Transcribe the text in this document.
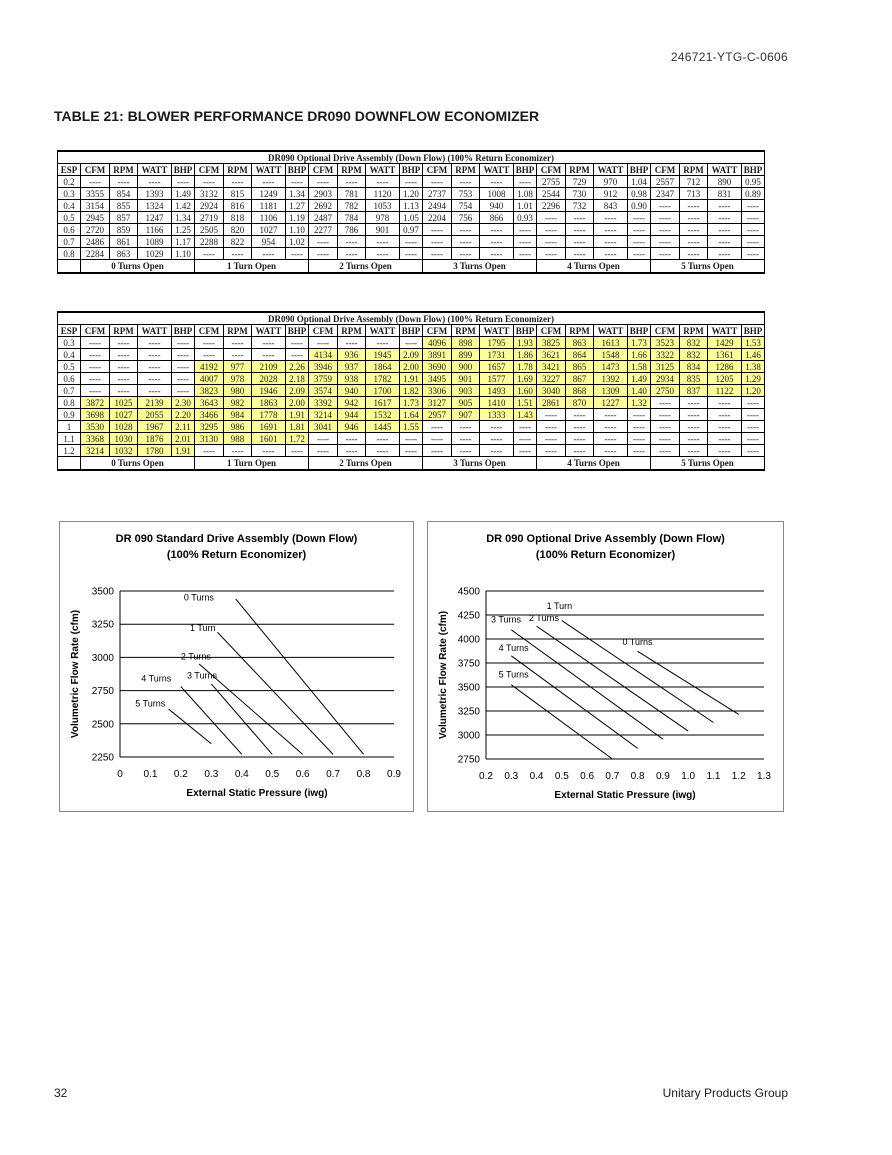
246721-YTG-C-0606
TABLE 21: BLOWER PERFORMANCE DR090 DOWNFLOW ECONOMIZER
DR090 Optional Drive Assembly (Down Flow) (100% Return Economizer)																								
ESP	CFM	RPM	WATT	BHP	CFM	RPM	WATT	BHP	CFM	RPM	WATT	BHP	CFM	RPM	WATT	BHP	CFM	RPM	WATT	BHP	CFM	RPM	WATT	BHP
0.2	----	----	----	----	----	----	----	----	----	----	----	----	----	----	----	----	2755	729	970	1.04	2557	712	890	0.95
0.3	3355	854	1393	1.49	3132	815	1249	1.34	2903	781	1120	1.20	2737	753	1008	1.08	2544	730	912	0.98	2347	713	831	0.89
0.4	3154	855	1324	1.42	2924	816	1181	1.27	2692	782	1053	1.13	2494	754	940	1.01	2296	732	843	0.90	----	----	----	----
0.5	2945	857	1247	1.34	2719	818	1106	1.19	2487	784	978	1.05	2204	756	866	0.93	----	----	----	----	----	----	----	----
0.6	2720	859	1166	1.25	2505	820	1027	1.10	2277	786	901	0.97	----	----	----	----	----	----	----	----	----	----	----	----
0.7	2486	861	1089	1.17	2288	822	954	1.02	----	----	----	----	----	----	----	----	----	----	----	----	----	----	----	----
0.8	2284	863	1029	1.10	----	----	----	----	----	----	----	----	----	----	----	----	----	----	----	----	----	----	----	----
	0 Turns Open				1 Turn Open				2 Turns Open				3 Turns Open				4 Turns Open				5 Turns Open			
DR090 Optional Drive Assembly (Down Flow) (100% Return Economizer)																								
ESP	CFM	RPM	WATT	BHP	CFM	RPM	WATT	BHP	CFM	RPM	WATT	BHP	CFM	RPM	WATT	BHP	CFM	RPM	WATT	BHP	CFM	RPM	WATT	BHP
0.3	----	----	----	----	----	----	----	----	----	----	----	----	4096	898	1795	1.93	3825	863	1613	1.73	3523	832	1429	1.53
0.4	----	----	----	----	----	----	----	----	4134	936	1945	2.09	3891	899	1731	1.86	3621	864	1548	1.66	3322	832	1361	1.46
0.5	----	----	----	----	4192	977	2109	2.26	3946	937	1864	2.00	3690	900	1657	1.78	3421	865	1473	1.58	3125	834	1286	1.38
0.6	----	----	----	----	4007	978	2028	2.18	3759	938	1782	1.91	3495	901	1577	1.69	3227	867	1392	1.49	2934	835	1205	1.29
0.7	----	----	----	----	3823	980	1946	2.09	3574	940	1700	1.82	3306	903	1493	1.60	3040	868	1309	1.40	2750	837	1122	1.20
0.8	3872	1025	2139	2.30	3643	982	1863	2.00	3392	942	1617	1.73	3127	905	1410	1.51	2861	870	1227	1.32	----	----	----	----
0.9	3698	1027	2055	2.20	3466	984	1778	1.91	3214	944	1532	1.64	2957	907	1333	1.43	----	----	----	----	----	----	----	----
1	3530	1028	1967	2.11	3295	986	1691	1.81	3041	946	1445	1.55	----	----	----	----	----	----	----	----	----	----	----	----
1.1	3368	1030	1876	2.01	3130	988	1601	1.72	----	----	----	----	----	----	----	----	----	----	----	----	----	----	----	----
1.2	3214	1032	1780	1.91	----	----	----	----	----	----	----	----	----	----	----	----	----	----	----	----	----	----	----	----
	0 Turns Open				1 Turn Open				2 Turns Open				3 Turns Open				4 Turns Open				5 Turns Open			
DR 090 Standard Drive Assembly (Down Flow)
(100% Return Economizer)
2250
2500
2750
3000
3250
3500
0 0.1 0.2 0.3 0.4 0.5 0.6 0.7 0.8 0.9
External Static Pressure (iwg)
Volumetric Flow Rate (cfm)
0 Turns
1 Turn
2 Turns
3 Turns
4 Turns
5 Turns
DR 090 Optional Drive Assembly (Down Flow)
(100% Return Economizer)
2750
3000
3250
3500
3750
4000
4250
4500
0.2 0.3 0.4 0.5 0.6 0.7 0.8 0.9 1.0 1.1 1.2 1.3
External Static Pressure (iwg)
Volumetric Flow Rate (cfm)	0 Turns
1 Turn
2 Turns
3 Turns
4 Turns
5 Turns
32	Unitary Products Group
